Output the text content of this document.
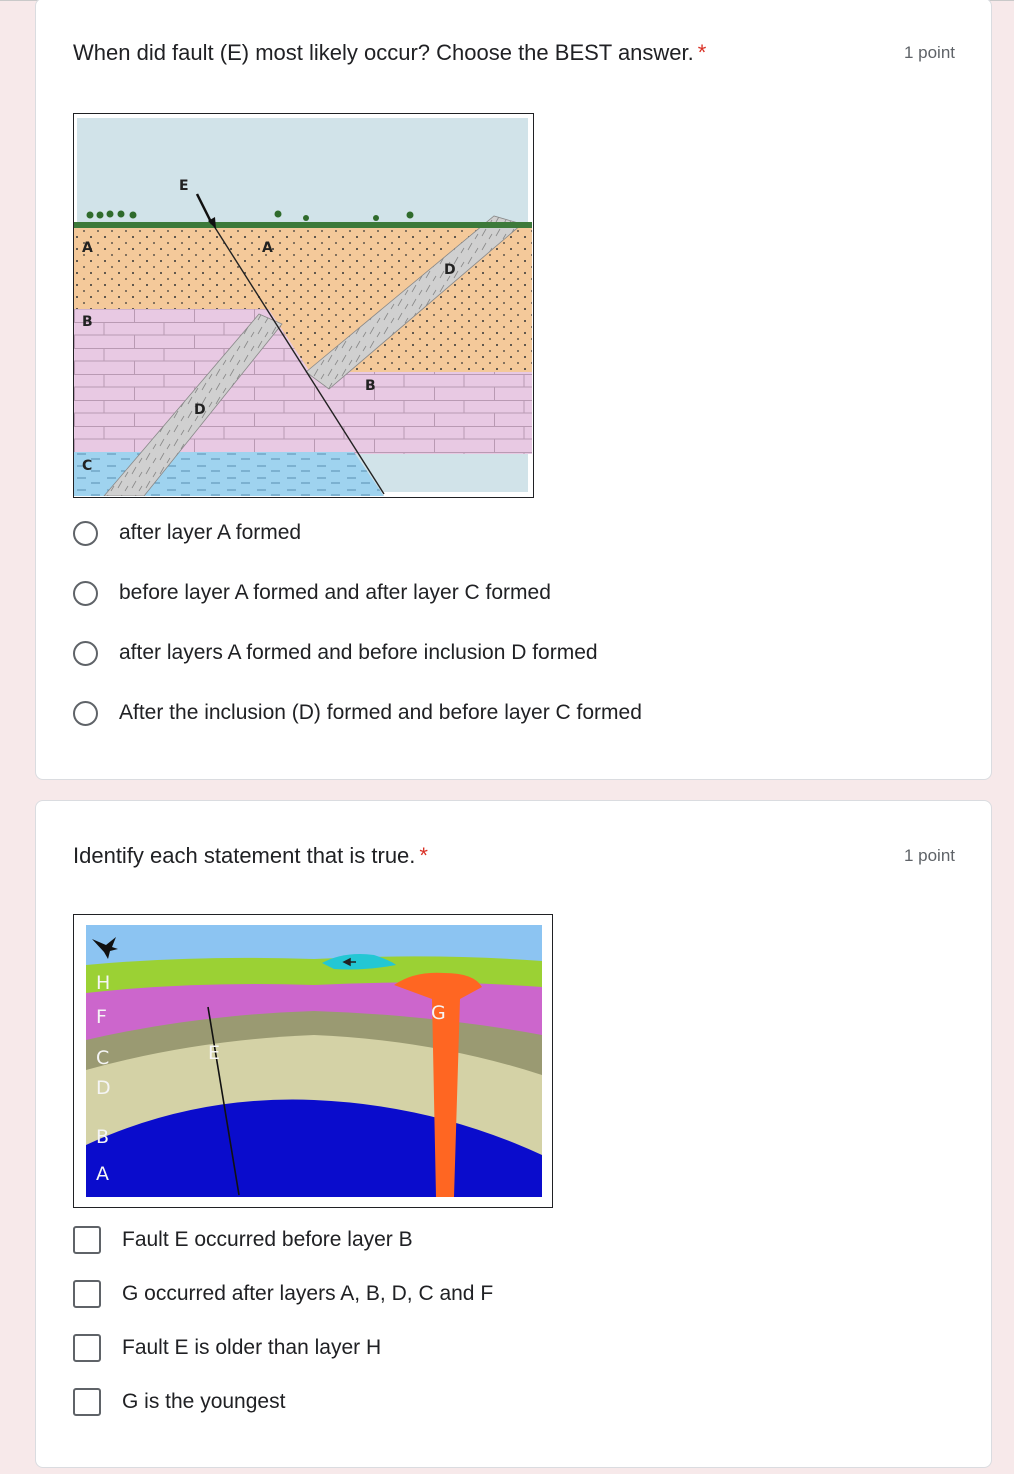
When did fault (E) most likely occur? Choose the BEST answer. *	1 point
E
A	A
D
B
B
D
C
after layer A formed
before layer A formed and after layer C formed
after layers A formed and before inclusion D formed
After the inclusion (D) formed and before layer C formed
Identify each statement that is true. *	1 point
H
F
C
D
B
A
E
G
Fault E occurred before layer B
G occurred after layers A, B, D, C and F
Fault E is older than layer H
G is the youngest
